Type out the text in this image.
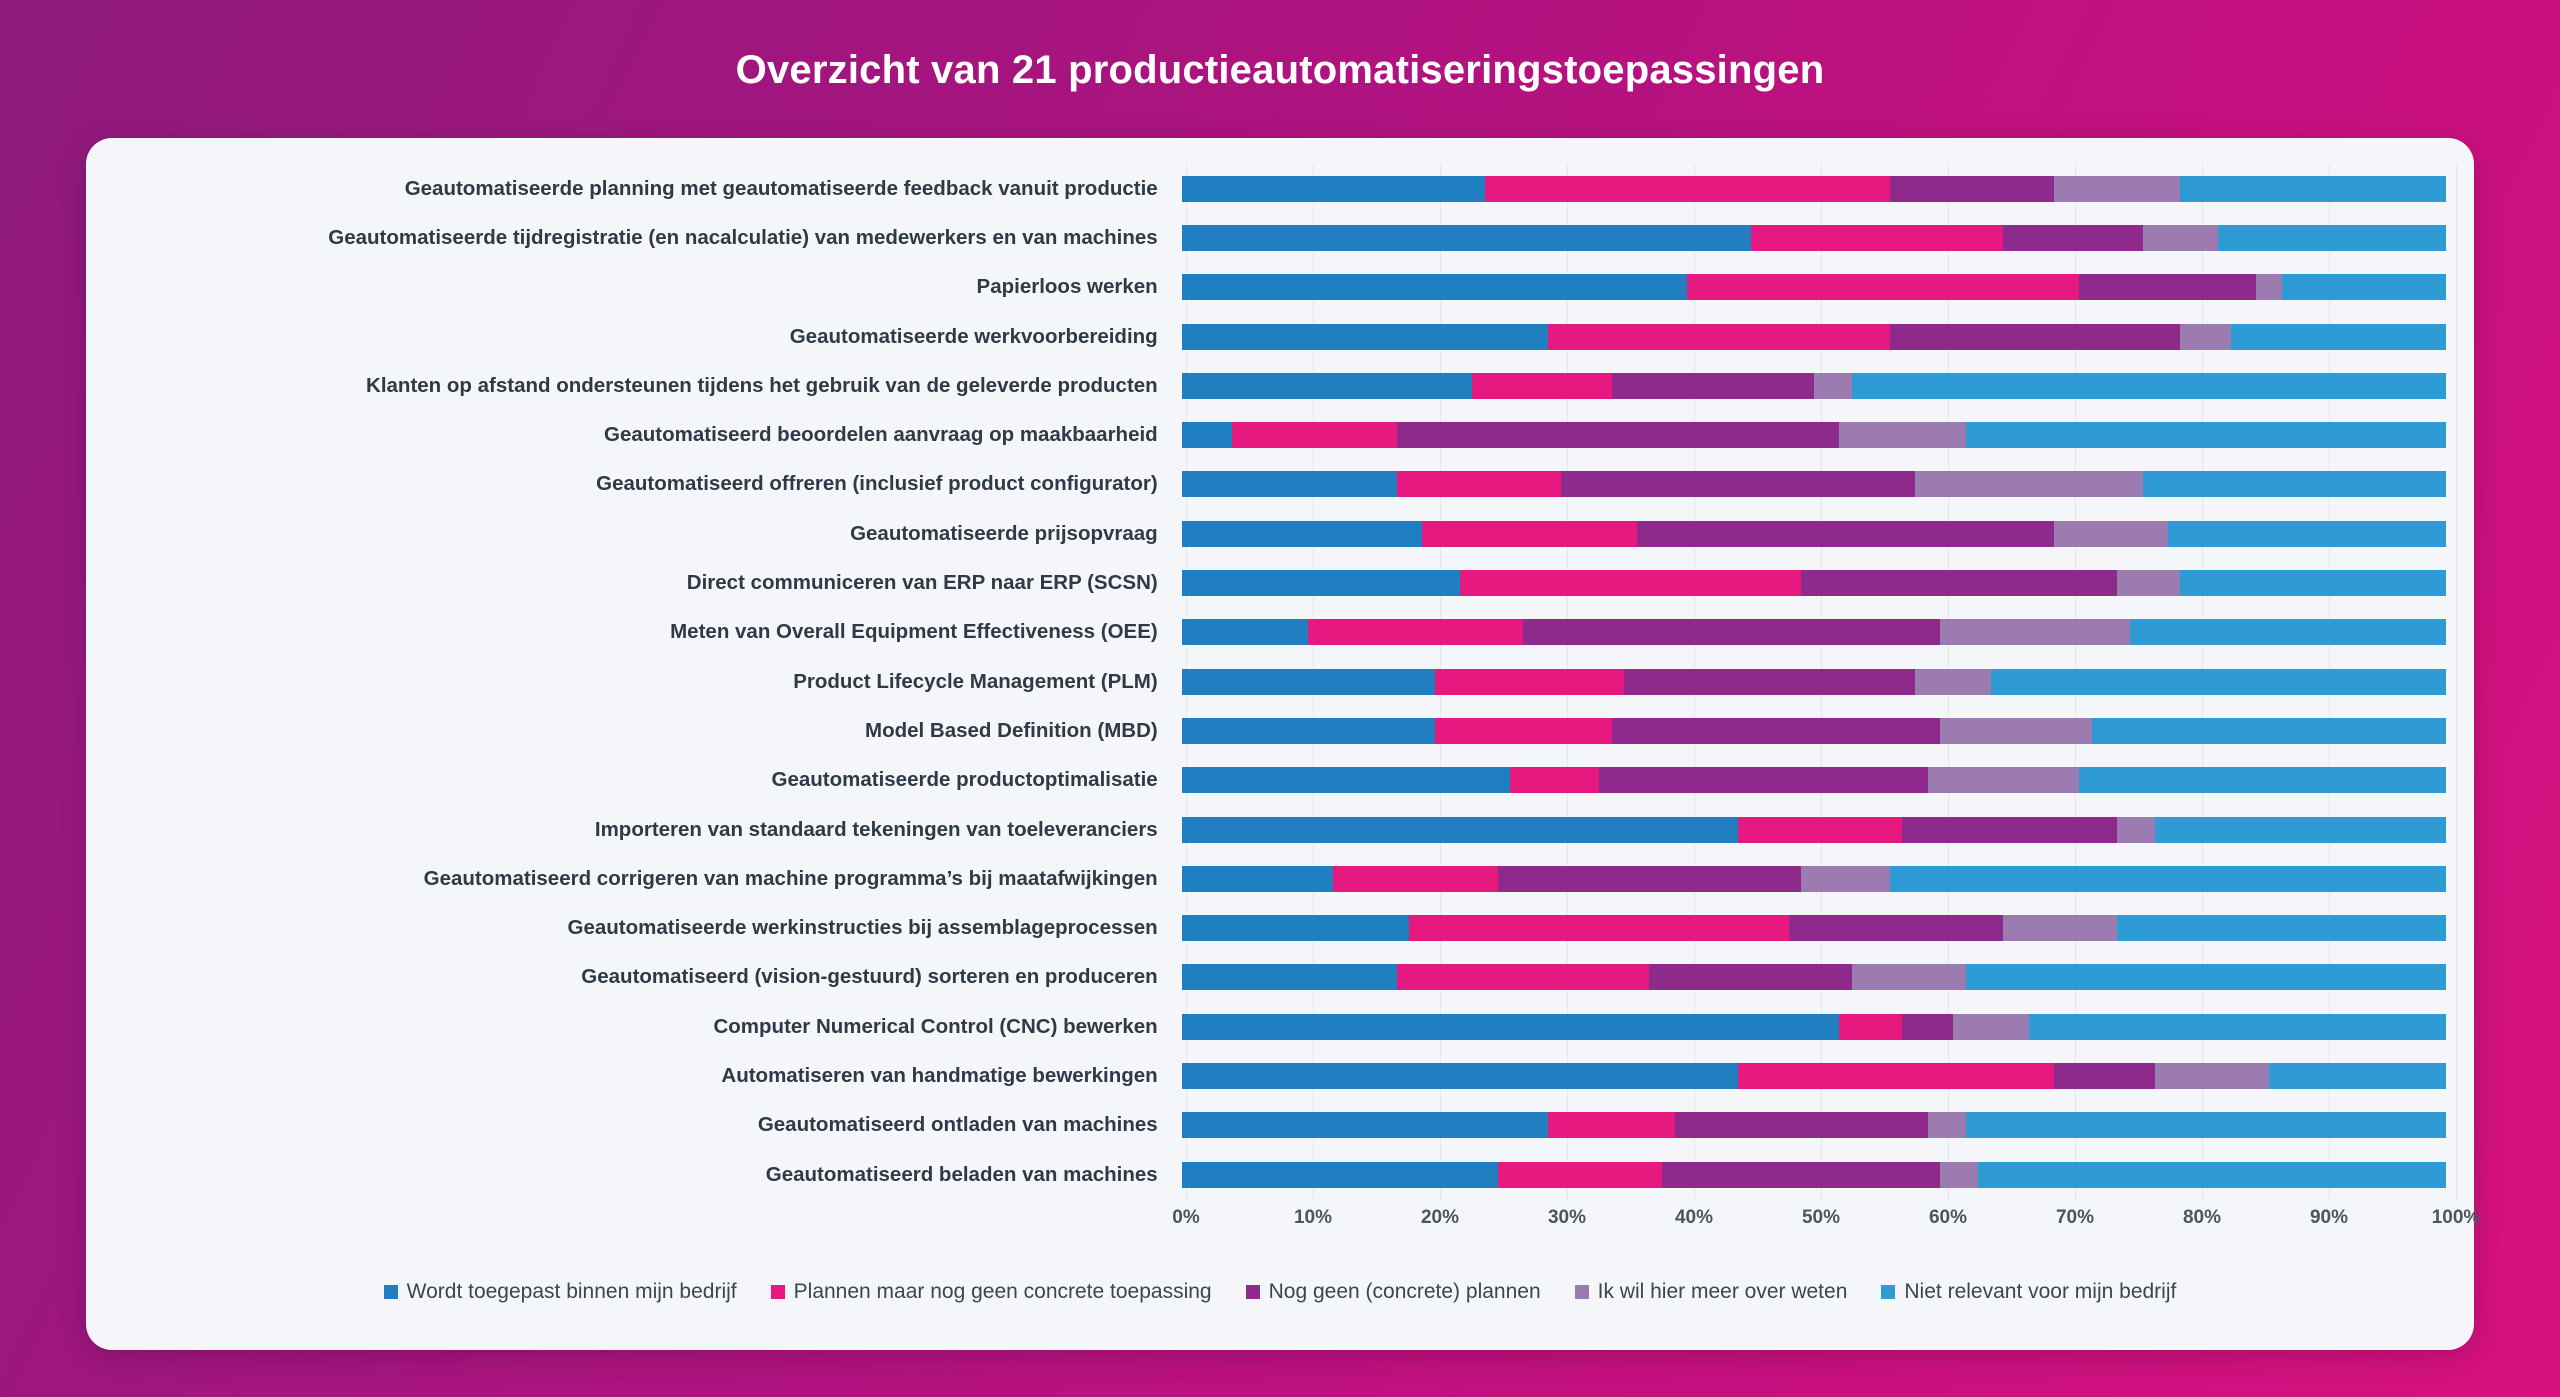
Overzicht van 21 productieautomatiseringstoepassingen
Geautomatiseerde planning met geautomatiseerde feedback vanuit productie
Geautomatiseerde tijdregistratie (en nacalculatie) van medewerkers en van machines
Papierloos werken
Geautomatiseerde werkvoorbereiding
Klanten op afstand ondersteunen tijdens het gebruik van de geleverde producten
Geautomatiseerd beoordelen aanvraag op maakbaarheid
Geautomatiseerd offreren (inclusief product configurator)
Geautomatiseerde prijsopvraag
Direct communiceren van ERP naar ERP (SCSN)
Meten van Overall Equipment Effectiveness (OEE)
Product Lifecycle Management (PLM)
Model Based Definition (MBD)
Geautomatiseerde productoptimalisatie
Importeren van standaard tekeningen van toeleveranciers
Geautomatiseerd corrigeren van machine programma’s bij maatafwijkingen
Geautomatiseerde werkinstructies bij assemblageprocessen
Geautomatiseerd (vision-gestuurd) sorteren en produceren
Computer Numerical Control (CNC) bewerken
Automatiseren van handmatige bewerkingen
Geautomatiseerd ontladen van machines
Geautomatiseerd beladen van machines
0%	10%	20%	30%	40%	50%	60%	70%	80%	90%	100%
Wordt toegepast binnen mijn bedrijf	Plannen maar nog geen concrete toepassing	Nog geen (concrete) plannen	Ik wil hier meer over weten	Niet relevant voor mijn bedrijf
